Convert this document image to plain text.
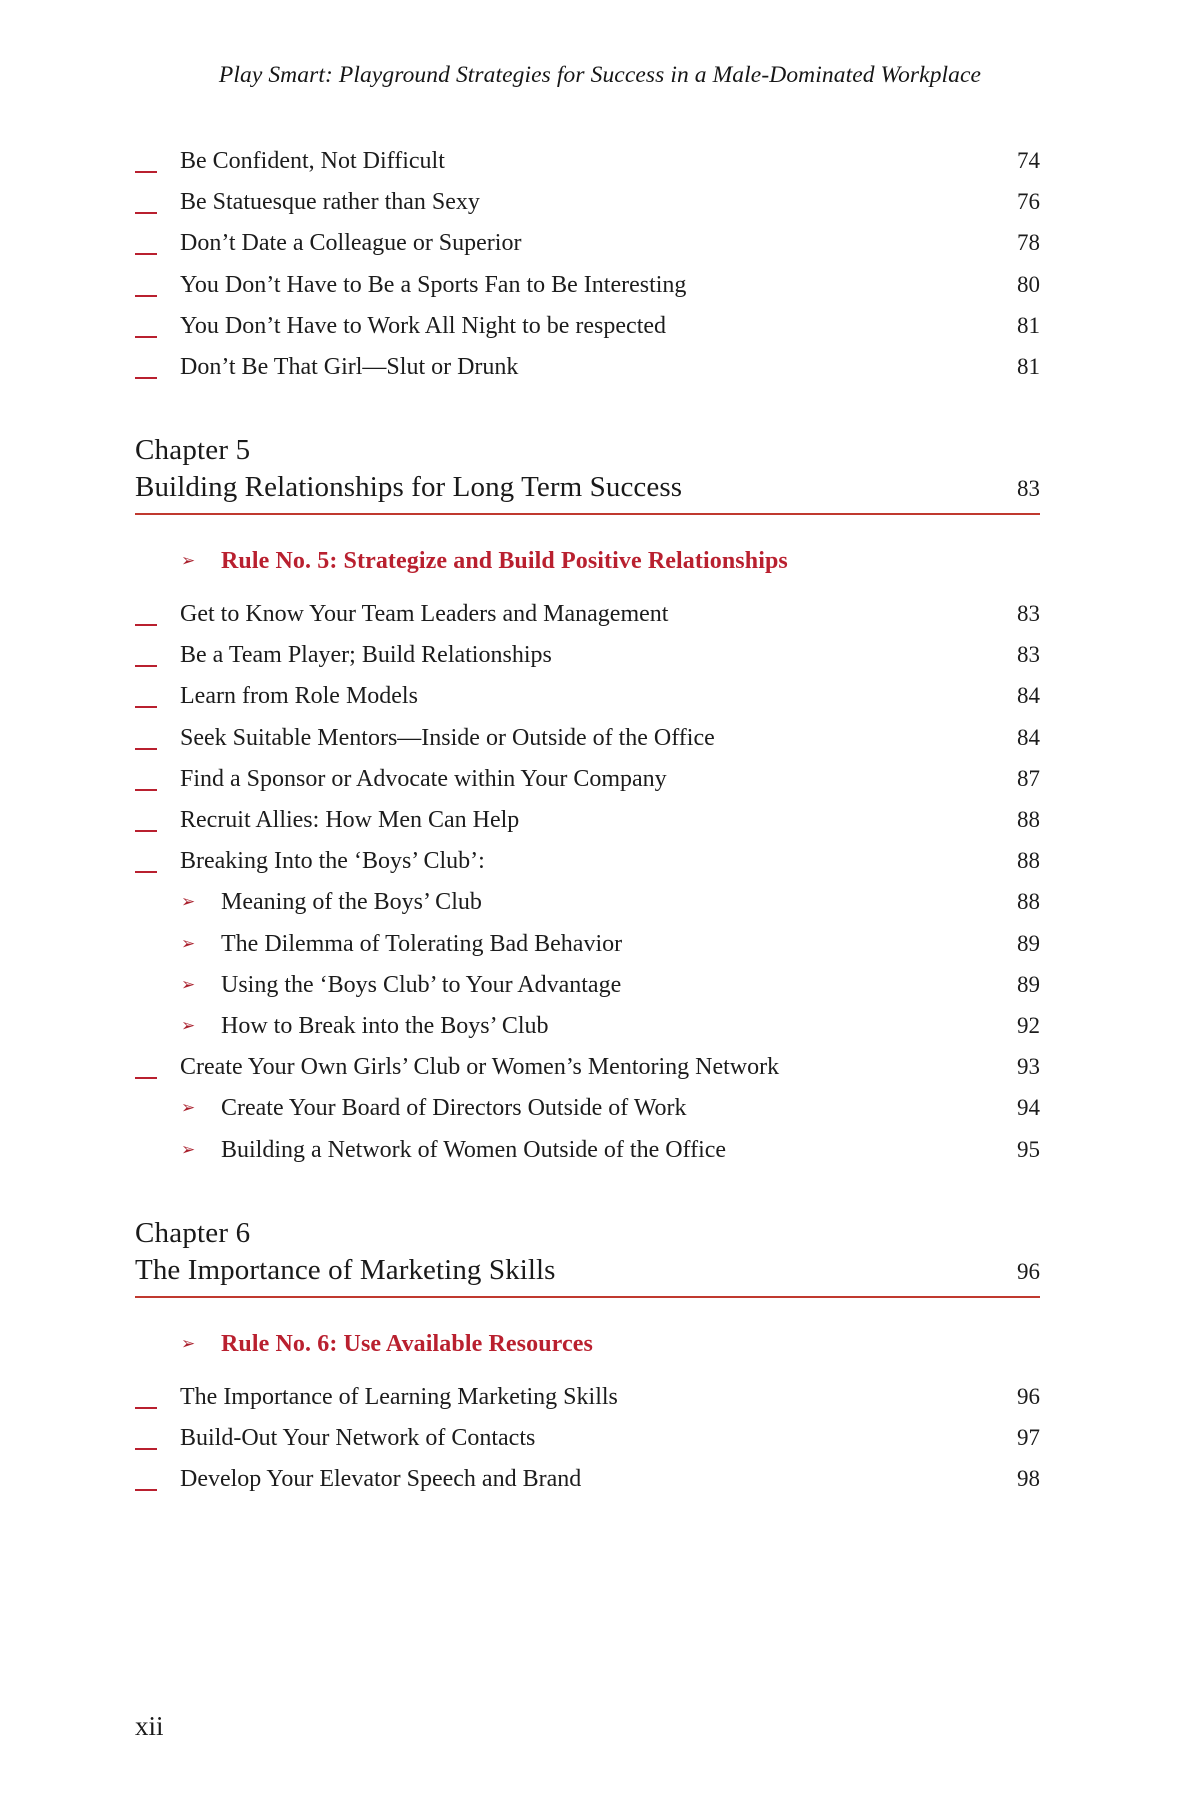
Play Smart: Playground Strategies for Success in a Male-Dominated Workplace
Be Confident, Not Difficult	74
Be Statuesque rather than Sexy	76
Don’t Date a Colleague or Superior	78
You Don’t Have to Be a Sports Fan to Be Interesting	80
You Don’t Have to Work All Night to be respected	81
Don’t Be That Girl—Slut or Drunk	81
Chapter 5
Building Relationships for Long Term Success	83
➢	Rule No. 5: Strategize and Build Positive Relationships
Get to Know Your Team Leaders and Management	83
Be a Team Player; Build Relationships	83
Learn from Role Models	84
Seek Suitable Mentors—Inside or Outside of the Office	84
Find a Sponsor or Advocate within Your Company	87
Recruit Allies: How Men Can Help	88
Breaking Into the ‘Boys’ Club’:	88
➢	Meaning of the Boys’ Club	88
➢	The Dilemma of Tolerating Bad Behavior	89
➢	Using the ‘Boys Club’ to Your Advantage	89
➢	How to Break into the Boys’ Club	92
Create Your Own Girls’ Club or Women’s Mentoring Network	93
➢	Create Your Board of Directors Outside of Work	94
➢	Building a Network of Women Outside of the Office	95
Chapter 6
The Importance of Marketing Skills	96
➢	Rule No. 6: Use Available Resources
The Importance of Learning Marketing Skills	96
Build-Out Your Network of Contacts	97
Develop Your Elevator Speech and Brand	98
xii
